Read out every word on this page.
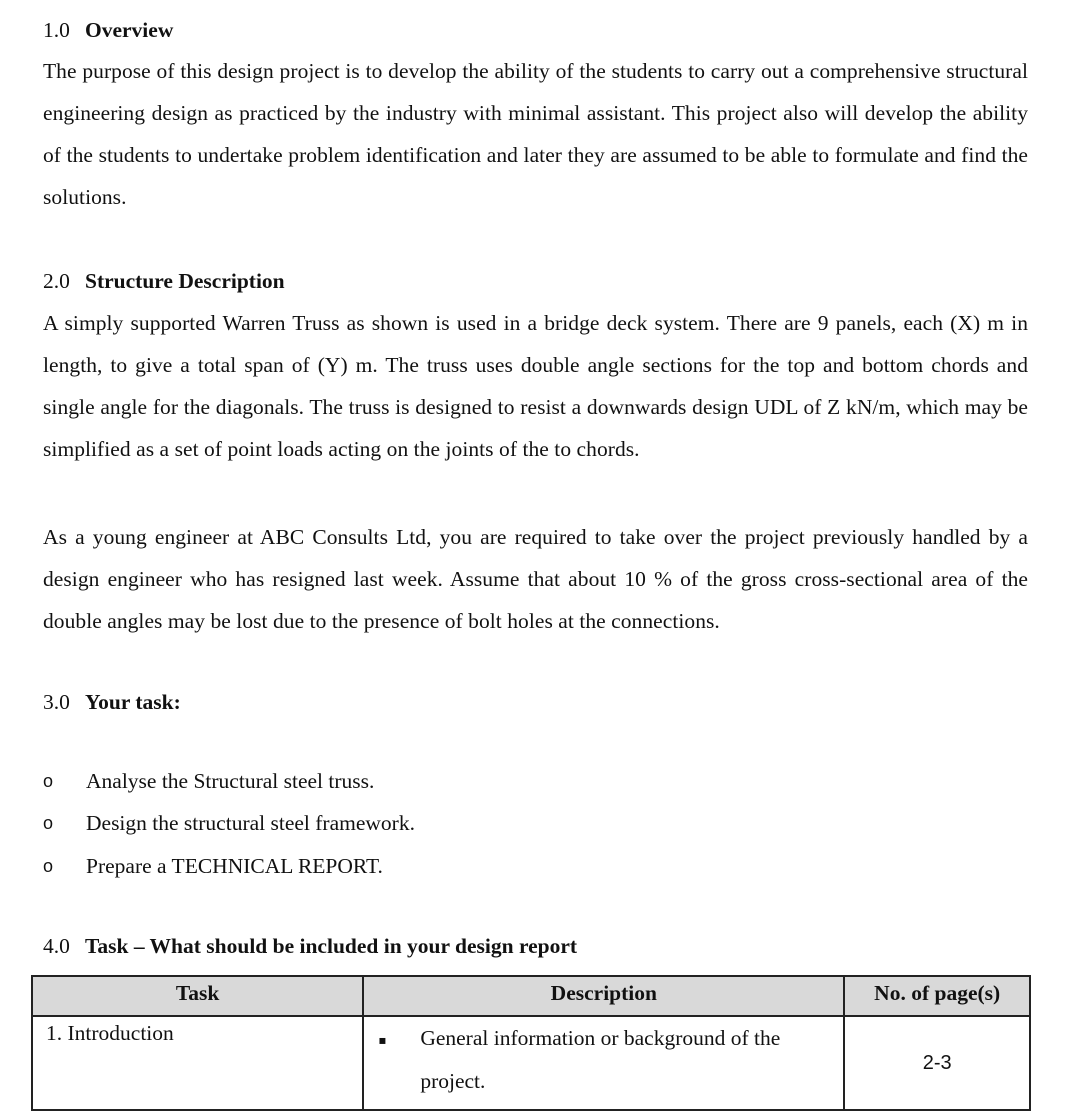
1.0 Overview

The purpose of this design project is to develop the ability of the students to carry out a comprehensive structural engineering design as practiced by the industry with minimal assistant. This project also will develop the ability of the students to undertake problem identification and later they are assumed to be able to formulate and find the solutions.

2.0 Structure Description

A simply supported Warren Truss as shown is used in a bridge deck system. There are 9 panels, each (X) m in length, to give a total span of (Y) m. The truss uses double angle sections for the top and bottom chords and single angle for the diagonals. The truss is designed to resist a downwards design UDL of Z kN/m, which may be simplified as a set of point loads acting on the joints of the to chords.

As a young engineer at ABC Consults Ltd, you are required to take over the project previously handled by a design engineer who has resigned last week. Assume that about 10 % of the gross cross-sectional area of the double angles may be lost due to the presence of bolt holes at the connections.

3.0 Your task:
o	Analyse the Structural steel truss.
o	Design the structural steel framework.
o	Prepare a TECHNICAL REPORT.
4.0 Task – What should be included in your design report
Task	Description	No. of page(s)
1. Introduction	▪ General information or background of the project.	2-3
